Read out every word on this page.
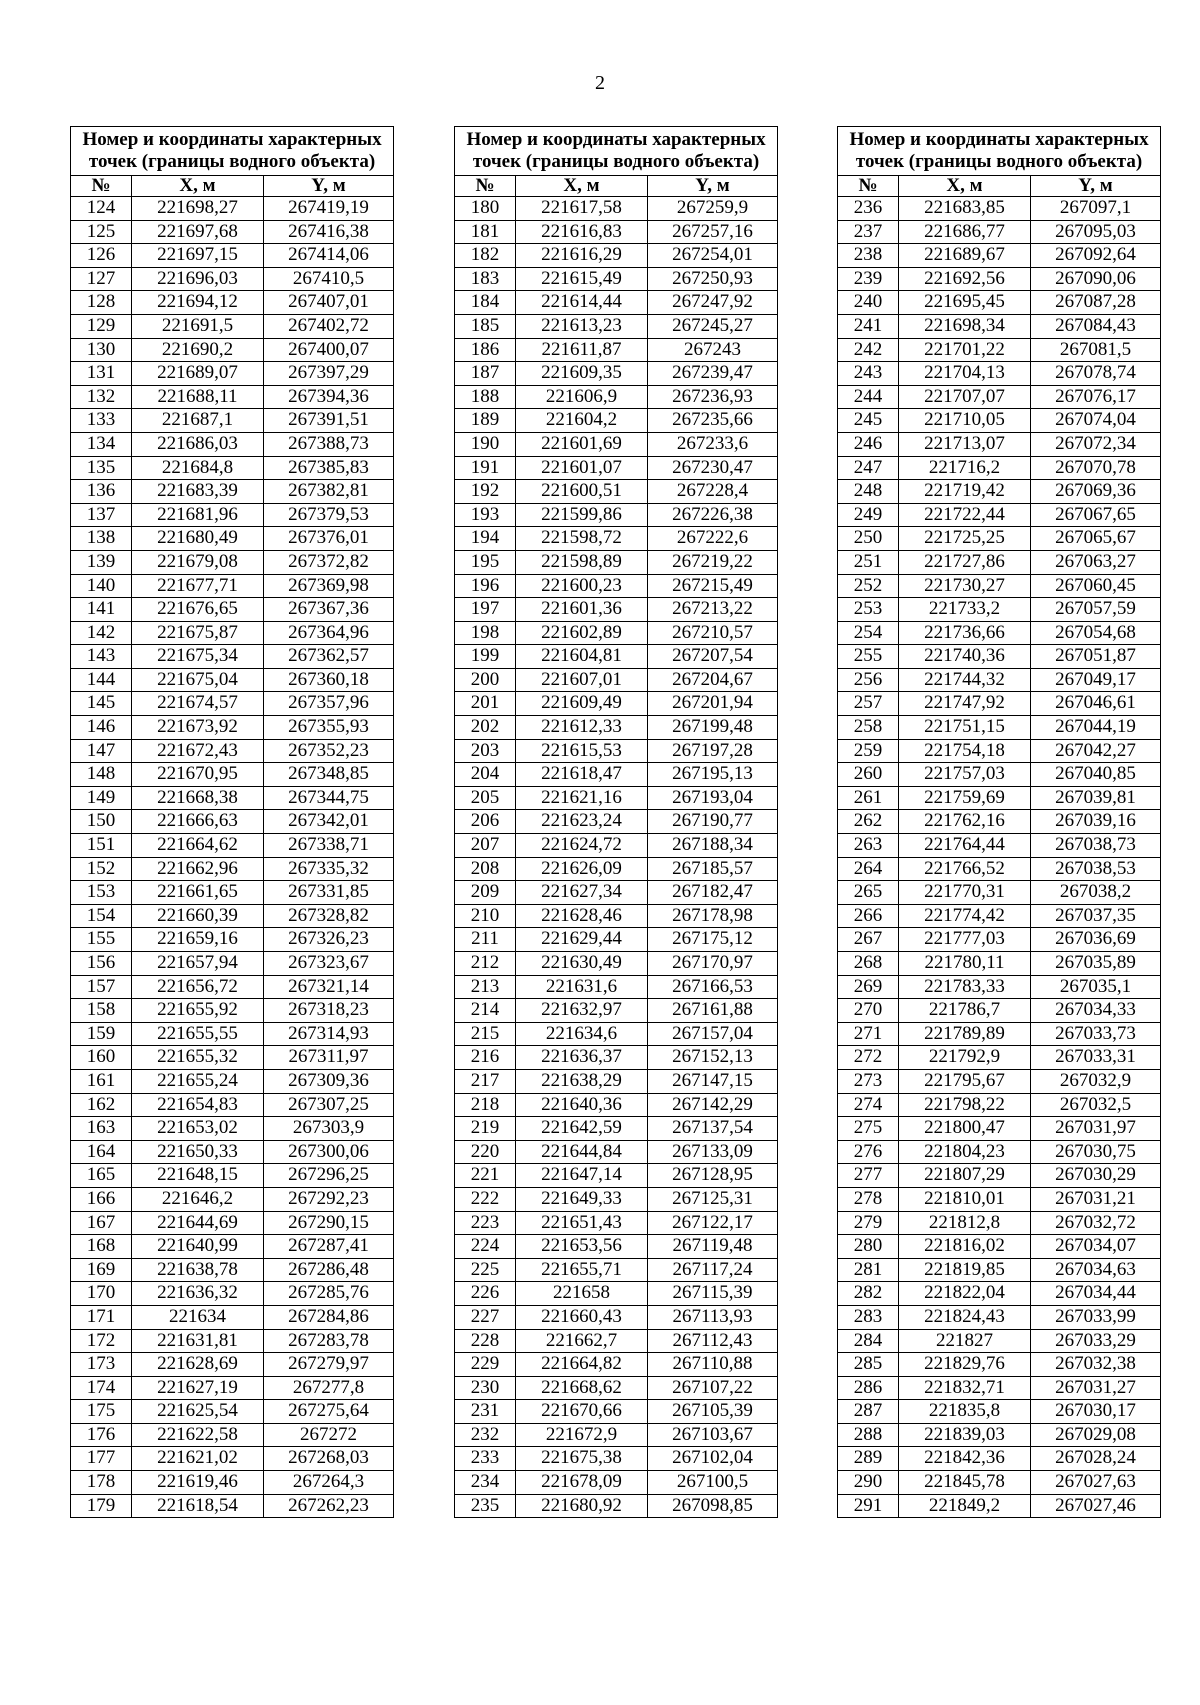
2
Номер и координаты характерных точек (границы водного объекта)		
№	X, м	Y, м
124	221698,27	267419,19
125	221697,68	267416,38
126	221697,15	267414,06
127	221696,03	267410,5
128	221694,12	267407,01
129	221691,5	267402,72
130	221690,2	267400,07
131	221689,07	267397,29
132	221688,11	267394,36
133	221687,1	267391,51
134	221686,03	267388,73
135	221684,8	267385,83
136	221683,39	267382,81
137	221681,96	267379,53
138	221680,49	267376,01
139	221679,08	267372,82
140	221677,71	267369,98
141	221676,65	267367,36
142	221675,87	267364,96
143	221675,34	267362,57
144	221675,04	267360,18
145	221674,57	267357,96
146	221673,92	267355,93
147	221672,43	267352,23
148	221670,95	267348,85
149	221668,38	267344,75
150	221666,63	267342,01
151	221664,62	267338,71
152	221662,96	267335,32
153	221661,65	267331,85
154	221660,39	267328,82
155	221659,16	267326,23
156	221657,94	267323,67
157	221656,72	267321,14
158	221655,92	267318,23
159	221655,55	267314,93
160	221655,32	267311,97
161	221655,24	267309,36
162	221654,83	267307,25
163	221653,02	267303,9
164	221650,33	267300,06
165	221648,15	267296,25
166	221646,2	267292,23
167	221644,69	267290,15
168	221640,99	267287,41
169	221638,78	267286,48
170	221636,32	267285,76
171	221634	267284,86
172	221631,81	267283,78
173	221628,69	267279,97
174	221627,19	267277,8
175	221625,54	267275,64
176	221622,58	267272
177	221621,02	267268,03
178	221619,46	267264,3
179	221618,54	267262,23
Номер и координаты характерных точек (границы водного объекта)		
№	X, м	Y, м
180	221617,58	267259,9
181	221616,83	267257,16
182	221616,29	267254,01
183	221615,49	267250,93
184	221614,44	267247,92
185	221613,23	267245,27
186	221611,87	267243
187	221609,35	267239,47
188	221606,9	267236,93
189	221604,2	267235,66
190	221601,69	267233,6
191	221601,07	267230,47
192	221600,51	267228,4
193	221599,86	267226,38
194	221598,72	267222,6
195	221598,89	267219,22
196	221600,23	267215,49
197	221601,36	267213,22
198	221602,89	267210,57
199	221604,81	267207,54
200	221607,01	267204,67
201	221609,49	267201,94
202	221612,33	267199,48
203	221615,53	267197,28
204	221618,47	267195,13
205	221621,16	267193,04
206	221623,24	267190,77
207	221624,72	267188,34
208	221626,09	267185,57
209	221627,34	267182,47
210	221628,46	267178,98
211	221629,44	267175,12
212	221630,49	267170,97
213	221631,6	267166,53
214	221632,97	267161,88
215	221634,6	267157,04
216	221636,37	267152,13
217	221638,29	267147,15
218	221640,36	267142,29
219	221642,59	267137,54
220	221644,84	267133,09
221	221647,14	267128,95
222	221649,33	267125,31
223	221651,43	267122,17
224	221653,56	267119,48
225	221655,71	267117,24
226	221658	267115,39
227	221660,43	267113,93
228	221662,7	267112,43
229	221664,82	267110,88
230	221668,62	267107,22
231	221670,66	267105,39
232	221672,9	267103,67
233	221675,38	267102,04
234	221678,09	267100,5
235	221680,92	267098,85
Номер и координаты характерных точек (границы водного объекта)		
№	X, м	Y, м
236	221683,85	267097,1
237	221686,77	267095,03
238	221689,67	267092,64
239	221692,56	267090,06
240	221695,45	267087,28
241	221698,34	267084,43
242	221701,22	267081,5
243	221704,13	267078,74
244	221707,07	267076,17
245	221710,05	267074,04
246	221713,07	267072,34
247	221716,2	267070,78
248	221719,42	267069,36
249	221722,44	267067,65
250	221725,25	267065,67
251	221727,86	267063,27
252	221730,27	267060,45
253	221733,2	267057,59
254	221736,66	267054,68
255	221740,36	267051,87
256	221744,32	267049,17
257	221747,92	267046,61
258	221751,15	267044,19
259	221754,18	267042,27
260	221757,03	267040,85
261	221759,69	267039,81
262	221762,16	267039,16
263	221764,44	267038,73
264	221766,52	267038,53
265	221770,31	267038,2
266	221774,42	267037,35
267	221777,03	267036,69
268	221780,11	267035,89
269	221783,33	267035,1
270	221786,7	267034,33
271	221789,89	267033,73
272	221792,9	267033,31
273	221795,67	267032,9
274	221798,22	267032,5
275	221800,47	267031,97
276	221804,23	267030,75
277	221807,29	267030,29
278	221810,01	267031,21
279	221812,8	267032,72
280	221816,02	267034,07
281	221819,85	267034,63
282	221822,04	267034,44
283	221824,43	267033,99
284	221827	267033,29
285	221829,76	267032,38
286	221832,71	267031,27
287	221835,8	267030,17
288	221839,03	267029,08
289	221842,36	267028,24
290	221845,78	267027,63
291	221849,2	267027,46
